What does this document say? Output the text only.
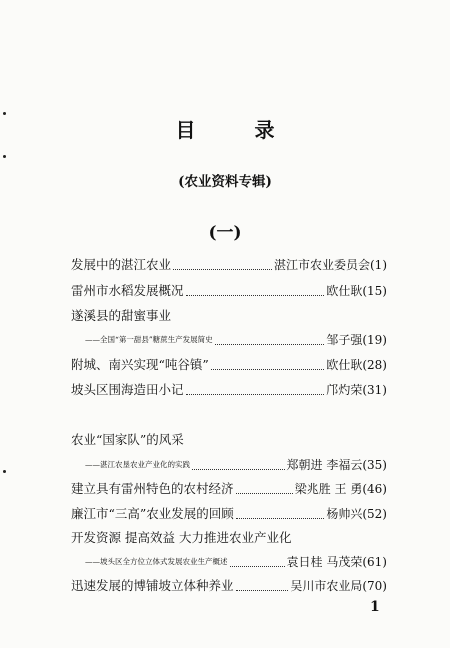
目 录
(农业资料专辑)
(一)
发展中的湛江农业	湛江市农业委员会 (1)
雷州市水稻发展概况	欧仕耿 (15)
遂溪县的甜蜜事业
——全国“第一甜县”糖蔗生产发展简史	邹子强 (19)
附城、南兴实现“吨谷镇”	欧仕耿 (28)
坡头区围海造田小记	邝灼荣 (31)
农业“国家队”的风采
——湛江农垦农业产业化的实践	郑朝进 李福云 (35)
建立具有雷州特色的农村经济	梁兆胜 王 勇 (46)
廉江市“三高”农业发展的回顾	杨帅兴 (52)
开发资源 提高效益 大力推进农业产业化
——坡头区全方位立体式发展农业生产概述	袁日桂 马茂荣 (61)
迅速发展的博铺坡立体种养业	吴川市农业局 (70)
1
